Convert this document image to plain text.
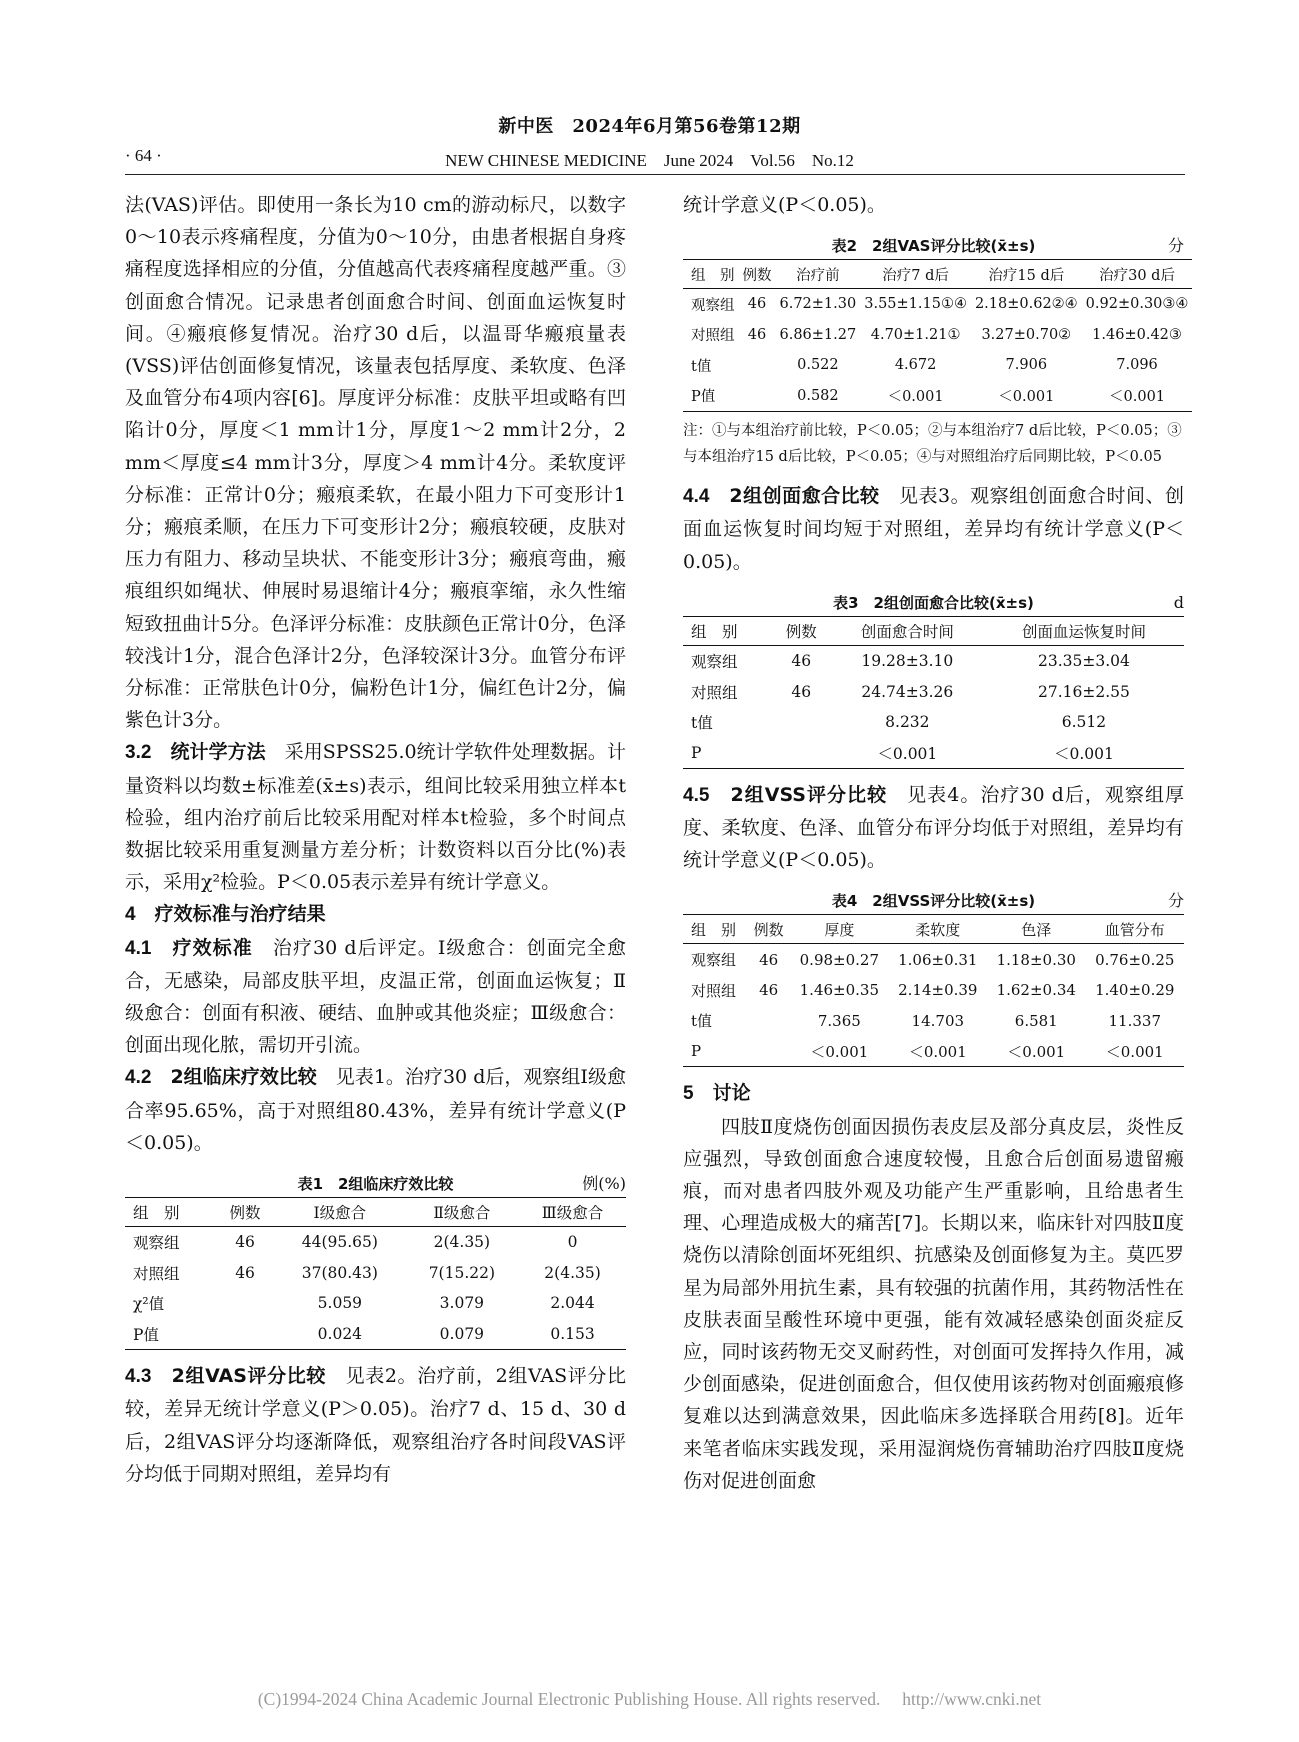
新中医　2024年6月第56卷第12期
· 64 ·	NEW CHINESE MEDICINE　June 2024　Vol.56　No.12

法(VAS)评估。即使用一条长为10 cm的游动标尺，以数字0～10表示疼痛程度，分值为0～10分，由患者根据自身疼痛程度选择相应的分值，分值越高代表疼痛程度越严重。③创面愈合情况。记录患者创面愈合时间、创面血运恢复时间。④瘢痕修复情况。治疗30 d后，以温哥华瘢痕量表(VSS)评估创面修复情况，该量表包括厚度、柔软度、色泽及血管分布4项内容[6]。厚度评分标准：皮肤平坦或略有凹陷计0分，厚度＜1 mm计1分，厚度1～2 mm计2分，2 mm＜厚度≤4 mm计3分，厚度＞4 mm计4分。柔软度评分标准：正常计0分；瘢痕柔软，在最小阻力下可变形计1分；瘢痕柔顺，在压力下可变形计2分；瘢痕较硬，皮肤对压力有阻力、移动呈块状、不能变形计3分；瘢痕弯曲，瘢痕组织如绳状、伸展时易退缩计4分；瘢痕挛缩，永久性缩短致扭曲计5分。色泽评分标准：皮肤颜色正常计0分，色泽较浅计1分，混合色泽计2分，色泽较深计3分。血管分布评分标准：正常肤色计0分，偏粉色计1分，偏红色计2分，偏紫色计3分。

3.2　 统计学方法　 采用SPSS25.0统计学软件处理数据。计量资料以均数±标准差(x̄±s)表示，组间比较采用独立样本t检验，组内治疗前后比较采用配对样本t检验，多个时间点数据比较采用重复测量方差分析；计数资料以百分比(%)表示，采用χ²检验。P＜0.05表示差异有统计学意义。

4　 疗效标准与治疗结果

4.1　 疗效标准　 治疗30 d后评定。Ⅰ级愈合：创面完全愈合，无感染，局部皮肤平坦，皮温正常，创面血运恢复；Ⅱ级愈合：创面有积液、硬结、血肿或其他炎症；Ⅲ级愈合：创面出现化脓，需切开引流。

4.2　 2组临床疗效比较　 见表1。治疗30 d后，观察组Ⅰ级愈合率95.65%，高于对照组80.43%，差异有统计学意义(P＜0.05)。

表1　2组临床疗效比较	例(%)
组　别	例数	Ⅰ级愈合	Ⅱ级愈合	Ⅲ级愈合
观察组	46	44(95.65)	2(4.35)	0
对照组	46	37(80.43)	7(15.22)	2(4.35)
χ²值		5.059	3.079	2.044
P值		0.024	0.079	0.153

4.3　 2组VAS评分比较　 见表2。治疗前，2组VAS评分比较，差异无统计学意义(P＞0.05)。治疗7 d、15 d、30 d后，2组VAS评分均逐渐降低，观察组治疗各时间段VAS评分均低于同期对照组，差异均有

统计学意义(P＜0.05)。

表2　2组VAS评分比较(x̄±s)	分
组　别	例数	治疗前	治疗7 d后	治疗15 d后	治疗30 d后
观察组	46	6.72±1.30	3.55±1.15①④	2.18±0.62②④	0.92±0.30③④
对照组	46	6.86±1.27	4.70±1.21①	3.27±0.70②	1.46±0.42③
t值		0.522	4.672	7.906	7.096
P值		0.582	＜0.001	＜0.001	＜0.001

注：①与本组治疗前比较，P＜0.05；②与本组治疗7 d后比较，P＜0.05；③与本组治疗15 d后比较，P＜0.05；④与对照组治疗后同期比较，P＜0.05

4.4　 2组创面愈合比较　 见表3。观察组创面愈合时间、创面血运恢复时间均短于对照组，差异均有统计学意义(P＜0.05)。

表3　2组创面愈合比较(x̄±s)	d
组　别	例数	创面愈合时间	创面血运恢复时间
观察组	46	19.28±3.10	23.35±3.04
对照组	46	24.74±3.26	27.16±2.55
t值		8.232	6.512
P		＜0.001	＜0.001

4.5　 2组VSS评分比较　 见表4。治疗30 d后，观察组厚度、柔软度、色泽、血管分布评分均低于对照组，差异均有统计学意义(P＜0.05)。

表4　2组VSS评分比较(x̄±s)	分
组　别	例数	厚度	柔软度	色泽	血管分布
观察组	46	0.98±0.27	1.06±0.31	1.18±0.30	0.76±0.25
对照组	46	1.46±0.35	2.14±0.39	1.62±0.34	1.40±0.29
t值		7.365	14.703	6.581	11.337
P		＜0.001	＜0.001	＜0.001	＜0.001
5　 讨论

四肢Ⅱ度烧伤创面因损伤表皮层及部分真皮层，炎性反应强烈，导致创面愈合速度较慢，且愈合后创面易遗留瘢痕，而对患者四肢外观及功能产生严重影响，且给患者生理、心理造成极大的痛苦[7]。长期以来，临床针对四肢Ⅱ度烧伤以清除创面坏死组织、抗感染及创面修复为主。莫匹罗星为局部外用抗生素，具有较强的抗菌作用，其药物活性在皮肤表面呈酸性环境中更强，能有效减轻感染创面炎症反应，同时该药物无交叉耐药性，对创面可发挥持久作用，减少创面感染，促进创面愈合，但仅使用该药物对创面瘢痕修复难以达到满意效果，因此临床多选择联合用药[8]。近年来笔者临床实践发现，采用湿润烧伤膏辅助治疗四肢Ⅱ度烧伤对促进创面愈

(C)1994-2024 China Academic Journal Electronic Publishing House. All rights reserved.　 http://www.cnki.net
